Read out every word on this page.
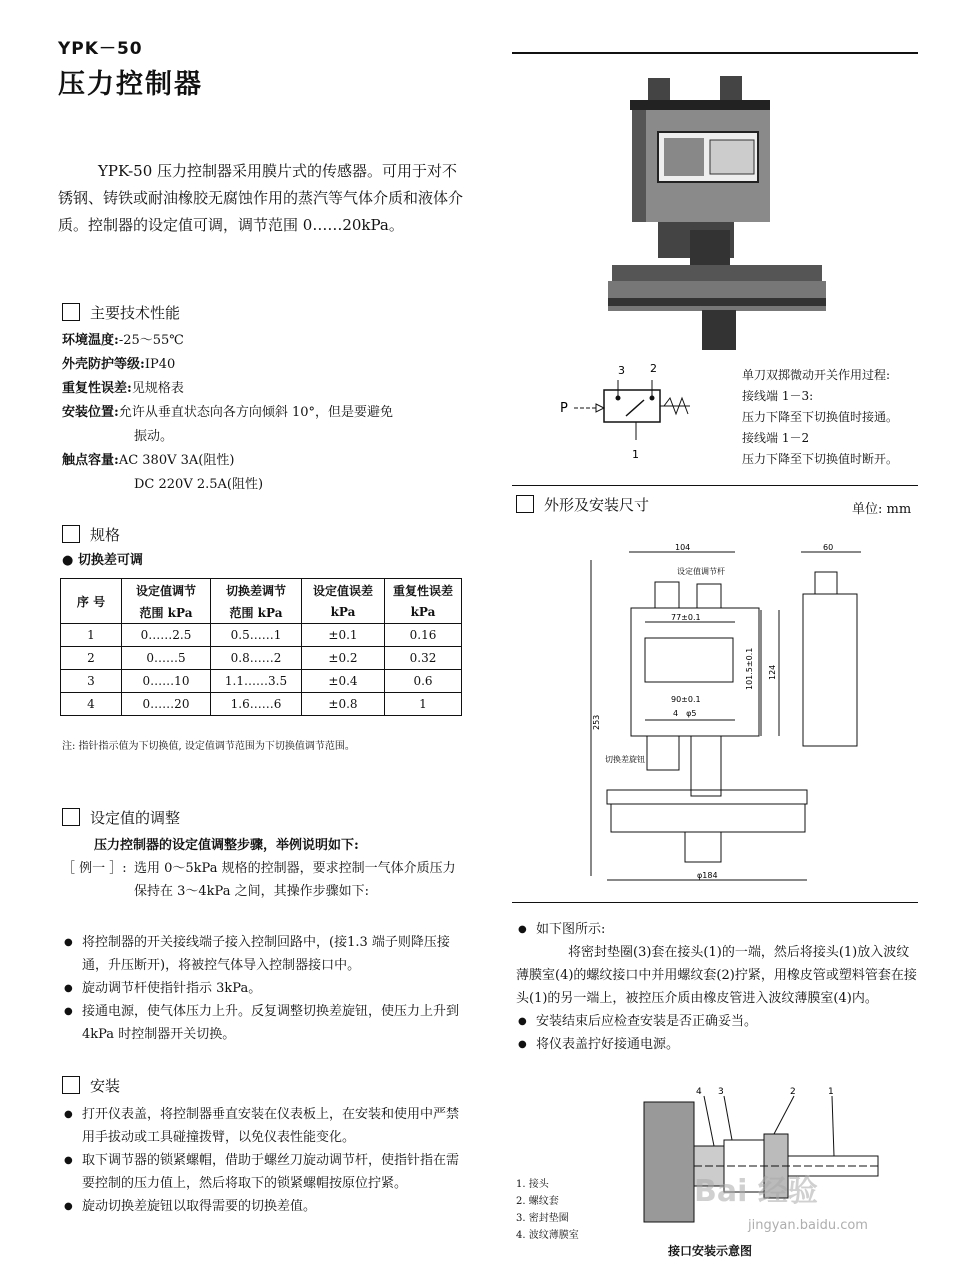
YPK－50
压力控制器
YPK-50 压力控制器采用膜片式的传感器。可用于对不锈钢、铸铁或耐油橡胶无腐蚀作用的蒸汽等气体介质和液体介质。控制器的设定值可调，调节范围 0……20kPa。
主要技术性能
环境温度:-25～55℃
外壳防护等级:IP40
重复性误差:见规格表
安装位置:允许从垂直状态向各方向倾斜 10°，但是要避免
振动。
触点容量:AC 380V 3A(阻性)
DC 220V 2.5A(阻性)
规格
● 切换差可调
序 号	设定值调节	切换差调节	设定值误差	重复性误差
	范围 kPa	范围 kPa	kPa	kPa
1	0……2.5	0.5……1	±0.1	0.16
2	0……5	0.8……2	±0.2	0.32
3	0……10	1.1……3.5	±0.4	0.6
4	0……20	1.6……6	±0.8	1
注: 指针指示值为下切换值, 设定值调节范围为下切换值调节范围。
设定值的调整
压力控制器的设定值调整步骤，举例说明如下:
［ 例一 ］: 选用 0～5kPa 规格的控制器，要求控制一气体介质压力保持在 3～4kPa 之间，其操作步骤如下:
● 将控制器的开关接线端子接入控制回路中，(接1.3 端子则降压接通，升压断开)，将被控气体导入控制器接口中。
● 旋动调节杆使指针指示 3kPa。
● 接通电源，使气体压力上升。反复调整切换差旋钮，使压力上升到 4kPa 时控制器开关切换。
安装
● 打开仪表盖，将控制器垂直安装在仪表板上，在安装和使用中严禁用手拔动或工具碰撞拨臂，以免仪表性能变化。
● 取下调节器的锁紧螺帽，借助于螺丝刀旋动调节杆，使指针指在需要控制的压力值上，然后将取下的锁紧螺帽按原位拧紧。
● 旋动切换差旋钮以取得需要的切换差值。
P
3 2
1
单刀双掷微动开关作用过程:
接线端 1－3:
压力下降至下切换值时接通。
接线端 1－2
压力下降至下切换值时断开。
外形及安装尺寸	单位: mm
104	60
设定值调节杆
77±0.1
90±0.1
4　φ5
101.5±0.1 124
253
切换差旋钮
φ184
● 如下图所示:
将密封垫圈(3)套在接头(1)的一端，然后将接头(1)放入波纹薄膜室(4)的螺纹接口中并用螺纹套(2)拧紧，用橡皮管或塑料管套在接头(1)的另一端上，被控压介质由橡皮管进入波纹薄膜室(4)内。
● 安装结束后应检查安装是否正确妥当。
● 将仪表盖拧好接通电源。
4 3	2	1
1. 接头
2. 螺纹套
3. 密封垫圈
4. 波纹薄膜室
接口安装示意图
Bai 经验
jingyan.baidu.com
